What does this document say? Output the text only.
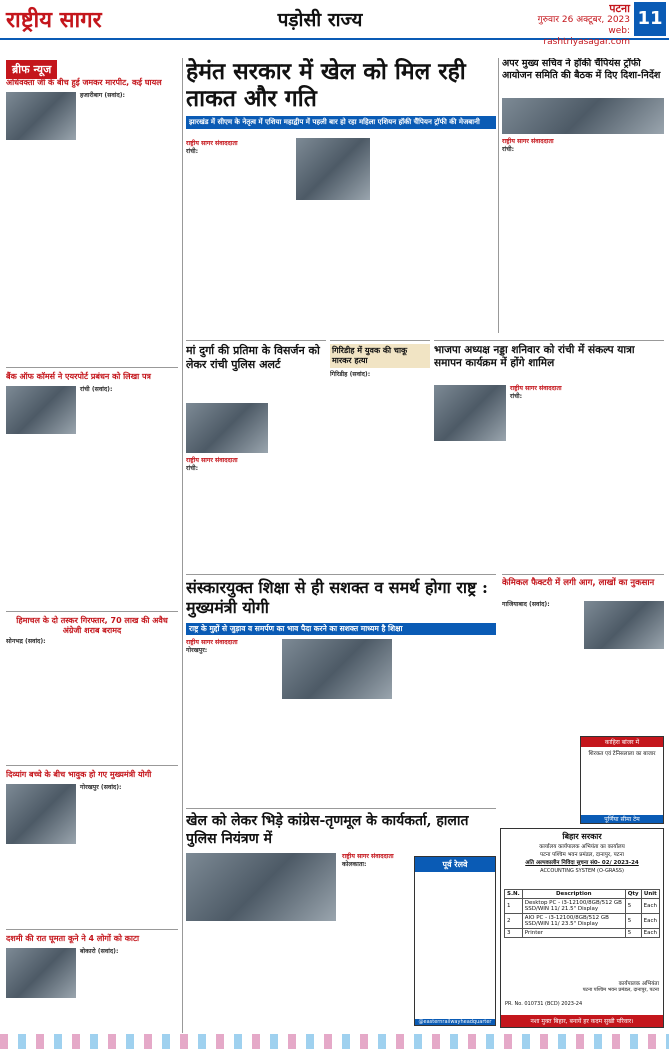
राष्ट्रीय सागर	पड़ोसी राज्य
पटना
गुरुवार 26 अक्टूबर, 2023
web: rashtriyasagar.com
11
ब्रीफ न्यूज
अधिवक्ता जी के बीच हुई जमकर मारपीट, कई घायल
हजारीबाग (सवांद):
बैंक ऑफ कॉमर्स ने एयरपोर्ट प्रबंधन को लिखा पत्र
रांची (सवांद):
हिमाचल के दो तस्कर गिरफ्तार, 70 लाख की अवैध अंग्रेजी शराब बरामद
सोनभद्र (सवांद):
दिव्यांग बच्चे के बीच भावुक हो गए मुख्यमंत्री योगी
गोरखपुर (सवांद):
दशमी की रात घूमता कूने ने 4 लोगों को काटा
बोकारो (सवांद):
हेमंत सरकार में खेल को मिल रही ताकत और गति
झारखंड में सीएम के नेतृत्व में एशिया महाद्वीप में पहली बार हो रहा महिला एशियन हॉकी चैंपियन ट्रॉफी की मेजबानी
राष्ट्रीय सागर संवाददाता
रांची:
अपर मुख्य सचिव ने हॉकी चैंपियंस ट्रॉफी आयोजन समिति की बैठक में दिए दिशा-निर्देश
राष्ट्रीय सागर संवाददाता
रांची:
मां दुर्गा की प्रतिमा के विसर्जन को लेकर रांची पुलिस अलर्ट
राष्ट्रीय सागर संवाददाता
रांची:
गिरिडीह में युवक की चाकू मारकर हत्या
गिरिडीह (सवांद):
भाजपा अध्यक्ष नड्डा शनिवार को रांची में संकल्प यात्रा समापन कार्यक्रम में होंगे शामिल
राष्ट्रीय सागर संवाददाता
रांची:
संस्कारयुक्त शिक्षा से ही सशक्त व समर्थ होगा राष्ट्र : मुख्यमंत्री योगी
राष्ट्र के मुद्दों से जुड़ाव व समर्पण का भाव पैदा करने का सशक्त माध्यम है शिक्षा
राष्ट्रीय सागर संवाददाता
गोरखपुर:
केमिकल फैक्टरी में लगी आग, लाखों का नुकसान
गाजियाबाद (सवांद):
काहिरा बांजर में
शिरकत एवं टेनिसलाला का बाजार
पूर्णिया सीमा टेम
खेल को लेकर भिड़े कांग्रेस-तृणमूल के कार्यकर्ता, हालात पुलिस नियंत्रण में
राष्ट्रीय सागर संवाददाता
कोलकाता:	पूर्व रेलवे
@easternrailwayheadquarter
बिहार सरकार
कार्यालय कार्यपालक अभियंता का कार्यालय
पटना पश्चिम भवन प्रमंडल, दानापुर, पटना
अति अल्पकालीन निविदा सूचना सं0- 02/ 2023-24
ACCOUNTING SYSTEM (O-GRASS)
S.N.	Description	Qty	Unit
1	Desktop PC - i3-12100/8GB/512 GB SSD/WIN 11/ 21.5" Display	5	Each
2	AIO PC - i3-12100/8GB/512 GB SSD/WIN 11/ 23.5" Display	5	Each
3	Printer	5	Each
कार्यपालक अभियंता
पटना पश्चिम भवन प्रमंडल, दानापुर, पटना
PR. No. 010731 (BCD) 2023-24
नशा मुक्त बिहार, बनायें हर कदम सुखी परिवार।
